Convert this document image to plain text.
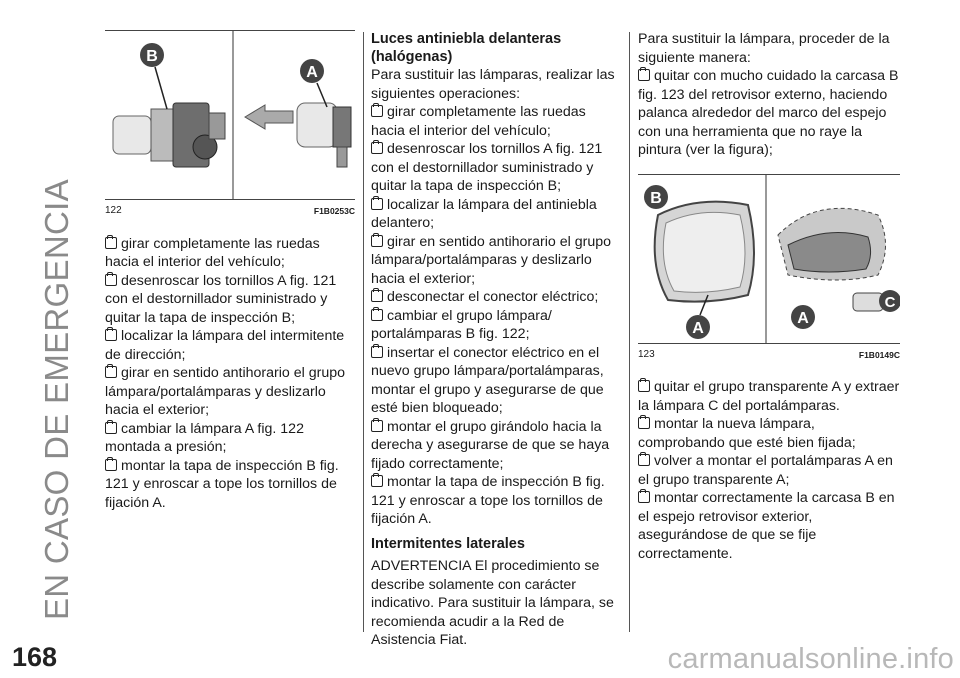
EN CASO DE EMERGENCIA
168	carmanualsonline.info
B
A
122	F1B0253C

girar completamente las ruedas hacia el interior del vehículo;

desenroscar los tornillos A fig. 121 con el destornillador suministrado y quitar la tapa de inspección B;

localizar la lámpara del intermitente de dirección;

girar en sentido antihorario el grupo lámpara/portalámparas y deslizarlo hacia el exterior;

cambiar la lámpara A fig. 122 montada a presión;

montar la tapa de inspección B fig. 121 y enroscar a tope los tornillos de fijación A.

Luces antiniebla delanteras (halógenas)

Para sustituir las lámparas, realizar las siguientes operaciones:

girar completamente las ruedas hacia el interior del vehículo;

desenroscar los tornillos A fig. 121 con el destornillador suministrado y quitar la tapa de inspección B;

localizar la lámpara del antiniebla delantero;

girar en sentido antihorario el grupo lámpara/portalámparas y deslizarlo hacia el exterior;

desconectar el conector eléctrico;

cambiar el grupo lámpara/ portalámparas B fig. 122;

insertar el conector eléctrico en el nuevo grupo lámpara/portalámparas, montar el grupo y asegurarse de que esté bien bloqueado;

montar el grupo girándolo hacia la derecha y asegurarse de que se haya fijado correctamente;

montar la tapa de inspección B fig. 121 y enroscar a tope los tornillos de fijación A.

Intermitentes laterales

ADVERTENCIA El procedimiento se describe solamente con carácter indicativo. Para sustituir la lámpara, se recomienda acudir a la Red de Asistencia Fiat.

Para sustituir la lámpara, proceder de la siguiente manera:

quitar con mucho cuidado la carcasa B fig. 123 del retrovisor externo, haciendo palanca alrededor del marco del espejo con una herramienta que no raye la pintura (ver la figura);

B
A
C
A
123	F1B0149C

quitar el grupo transparente A y extraer la lámpara C del portalámparas.

montar la nueva lámpara, comprobando que esté bien fijada;

volver a montar el portalámparas A en el grupo transparente A;

montar correctamente la carcasa B en el espejo retrovisor exterior, asegurándose de que se fije correctamente.
